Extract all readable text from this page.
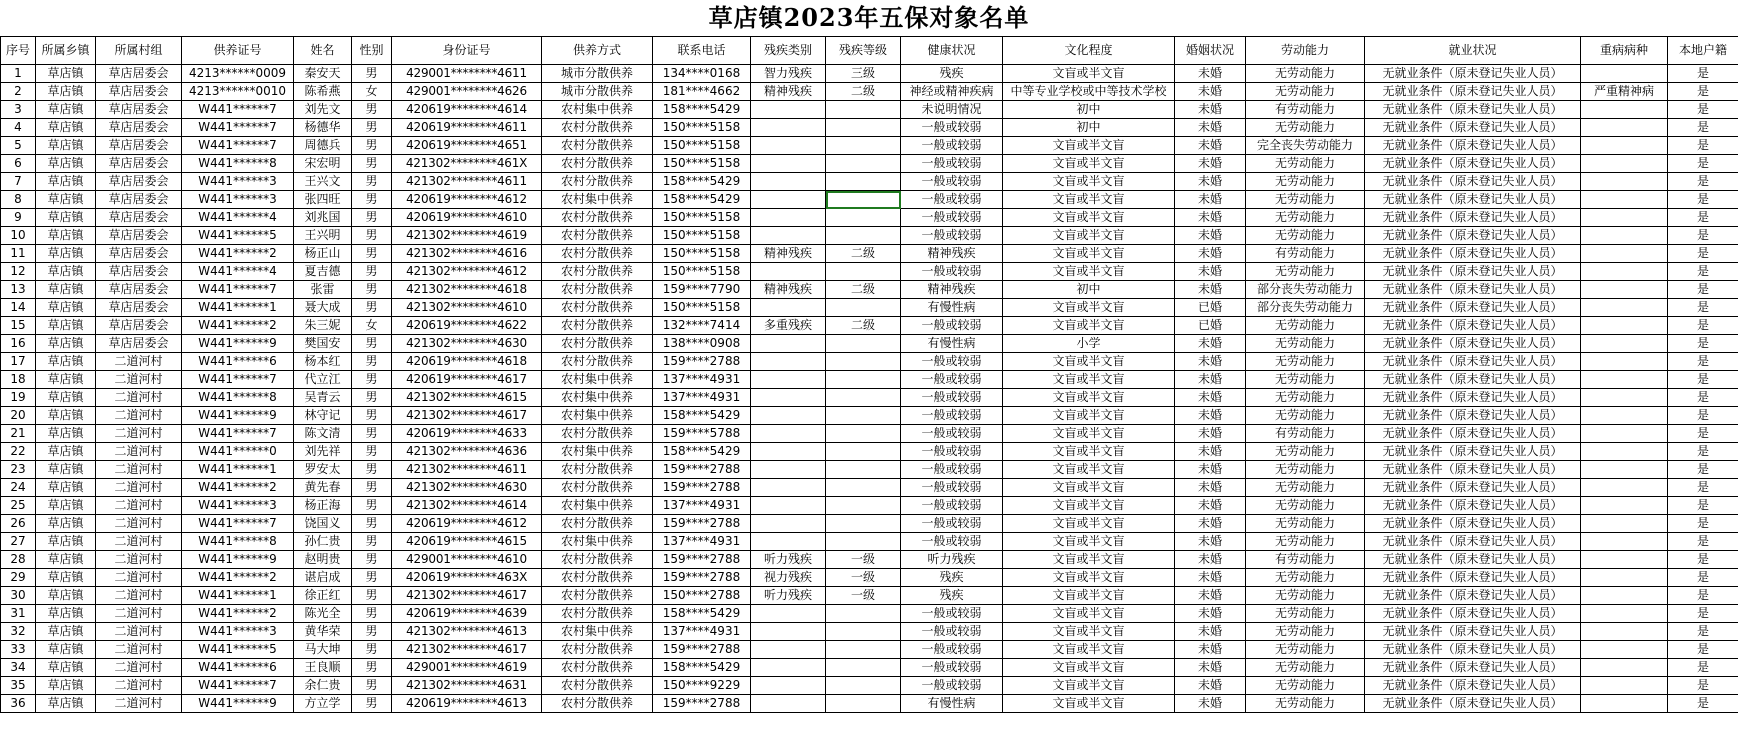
草店镇2023年五保对象名单
序号	所属乡镇	所属村组	供养证号	姓名	性别	身份证号	供养方式	联系电话	残疾类别	残疾等级	健康状况	文化程度	婚姻状况	劳动能力	就业状况	重病病种	本地户籍
1	草店镇	草店居委会	4213******0009	秦安天	男	429001********4611	城市分散供养	134****0168	智力残疾	三级	残疾	文盲或半文盲	未婚	无劳动能力	无就业条件（原未登记失业人员）		是
2	草店镇	草店居委会	4213******0010	陈希燕	女	429001********4626	城市分散供养	181****4662	精神残疾	二级	神经或精神疾病	中等专业学校或中等技术学校	未婚	无劳动能力	无就业条件（原未登记失业人员）	严重精神病	是
3	草店镇	草店居委会	W441******7	刘先文	男	420619********4614	农村集中供养	158****5429			未说明情况	初中	未婚	有劳动能力	无就业条件（原未登记失业人员）		是
4	草店镇	草店居委会	W441******7	杨德华	男	420619********4611	农村分散供养	150****5158			一般或较弱	初中	未婚	无劳动能力	无就业条件（原未登记失业人员）		是
5	草店镇	草店居委会	W441******7	周德兵	男	420619********4651	农村分散供养	150****5158			一般或较弱	文盲或半文盲	未婚	完全丧失劳动能力	无就业条件（原未登记失业人员）		是
6	草店镇	草店居委会	W441******8	宋宏明	男	421302********461X	农村分散供养	150****5158			一般或较弱	文盲或半文盲	未婚	无劳动能力	无就业条件（原未登记失业人员）		是
7	草店镇	草店居委会	W441******3	王兴文	男	421302********4611	农村分散供养	158****5429			一般或较弱	文盲或半文盲	未婚	无劳动能力	无就业条件（原未登记失业人员）		是
8	草店镇	草店居委会	W441******3	张四旺	男	420619********4612	农村集中供养	158****5429			一般或较弱	文盲或半文盲	未婚	无劳动能力	无就业条件（原未登记失业人员）		是
9	草店镇	草店居委会	W441******4	刘兆国	男	420619********4610	农村分散供养	150****5158			一般或较弱	文盲或半文盲	未婚	无劳动能力	无就业条件（原未登记失业人员）		是
10	草店镇	草店居委会	W441******5	王兴明	男	421302********4619	农村分散供养	150****5158			一般或较弱	文盲或半文盲	未婚	无劳动能力	无就业条件（原未登记失业人员）		是
11	草店镇	草店居委会	W441******2	杨正山	男	421302********4616	农村分散供养	150****5158	精神残疾	二级	精神残疾	文盲或半文盲	未婚	有劳动能力	无就业条件（原未登记失业人员）		是
12	草店镇	草店居委会	W441******4	夏吉德	男	421302********4612	农村分散供养	150****5158			一般或较弱	文盲或半文盲	未婚	无劳动能力	无就业条件（原未登记失业人员）		是
13	草店镇	草店居委会	W441******7	张雷	男	421302********4618	农村分散供养	159****7790	精神残疾	二级	精神残疾	初中	未婚	部分丧失劳动能力	无就业条件（原未登记失业人员）		是
14	草店镇	草店居委会	W441******1	聂大成	男	421302********4610	农村分散供养	150****5158			有慢性病	文盲或半文盲	已婚	部分丧失劳动能力	无就业条件（原未登记失业人员）		是
15	草店镇	草店居委会	W441******2	朱三妮	女	420619********4622	农村分散供养	132****7414	多重残疾	二级	一般或较弱	文盲或半文盲	已婚	无劳动能力	无就业条件（原未登记失业人员）		是
16	草店镇	草店居委会	W441******9	樊国安	男	421302********4630	农村分散供养	138****0908			有慢性病	小学	未婚	无劳动能力	无就业条件（原未登记失业人员）		是
17	草店镇	二道河村	W441******6	杨本红	男	420619********4618	农村分散供养	159****2788			一般或较弱	文盲或半文盲	未婚	无劳动能力	无就业条件（原未登记失业人员）		是
18	草店镇	二道河村	W441******7	代立江	男	420619********4617	农村集中供养	137****4931			一般或较弱	文盲或半文盲	未婚	无劳动能力	无就业条件（原未登记失业人员）		是
19	草店镇	二道河村	W441******8	吴青云	男	421302********4615	农村集中供养	137****4931			一般或较弱	文盲或半文盲	未婚	无劳动能力	无就业条件（原未登记失业人员）		是
20	草店镇	二道河村	W441******9	林守记	男	421302********4617	农村集中供养	158****5429			一般或较弱	文盲或半文盲	未婚	无劳动能力	无就业条件（原未登记失业人员）		是
21	草店镇	二道河村	W441******7	陈文清	男	420619********4633	农村分散供养	159****5788			一般或较弱	文盲或半文盲	未婚	有劳动能力	无就业条件（原未登记失业人员）		是
22	草店镇	二道河村	W441******0	刘先祥	男	421302********4636	农村集中供养	158****5429			一般或较弱	文盲或半文盲	未婚	无劳动能力	无就业条件（原未登记失业人员）		是
23	草店镇	二道河村	W441******1	罗安太	男	421302********4611	农村分散供养	159****2788			一般或较弱	文盲或半文盲	未婚	无劳动能力	无就业条件（原未登记失业人员）		是
24	草店镇	二道河村	W441******2	黄先春	男	421302********4630	农村分散供养	159****2788			一般或较弱	文盲或半文盲	未婚	无劳动能力	无就业条件（原未登记失业人员）		是
25	草店镇	二道河村	W441******3	杨正海	男	421302********4614	农村集中供养	137****4931			一般或较弱	文盲或半文盲	未婚	无劳动能力	无就业条件（原未登记失业人员）		是
26	草店镇	二道河村	W441******7	饶国义	男	420619********4612	农村分散供养	159****2788			一般或较弱	文盲或半文盲	未婚	无劳动能力	无就业条件（原未登记失业人员）		是
27	草店镇	二道河村	W441******8	孙仁贵	男	420619********4615	农村集中供养	137****4931			一般或较弱	文盲或半文盲	未婚	无劳动能力	无就业条件（原未登记失业人员）		是
28	草店镇	二道河村	W441******9	赵明贵	男	429001********4610	农村分散供养	159****2788	听力残疾	一级	听力残疾	文盲或半文盲	未婚	有劳动能力	无就业条件（原未登记失业人员）		是
29	草店镇	二道河村	W441******2	谌启成	男	420619********463X	农村分散供养	159****2788	视力残疾	一级	残疾	文盲或半文盲	未婚	无劳动能力	无就业条件（原未登记失业人员）		是
30	草店镇	二道河村	W441******1	徐正红	男	421302********4617	农村分散供养	150****2788	听力残疾	一级	残疾	文盲或半文盲	未婚	无劳动能力	无就业条件（原未登记失业人员）		是
31	草店镇	二道河村	W441******2	陈光全	男	420619********4639	农村分散供养	158****5429			一般或较弱	文盲或半文盲	未婚	无劳动能力	无就业条件（原未登记失业人员）		是
32	草店镇	二道河村	W441******3	黄华荣	男	421302********4613	农村集中供养	137****4931			一般或较弱	文盲或半文盲	未婚	无劳动能力	无就业条件（原未登记失业人员）		是
33	草店镇	二道河村	W441******5	马大坤	男	421302********4617	农村分散供养	159****2788			一般或较弱	文盲或半文盲	未婚	无劳动能力	无就业条件（原未登记失业人员）		是
34	草店镇	二道河村	W441******6	王良顺	男	429001********4619	农村分散供养	158****5429			一般或较弱	文盲或半文盲	未婚	无劳动能力	无就业条件（原未登记失业人员）		是
35	草店镇	二道河村	W441******7	余仁贵	男	421302********4631	农村分散供养	150****9229			一般或较弱	文盲或半文盲	未婚	无劳动能力	无就业条件（原未登记失业人员）		是
36	草店镇	二道河村	W441******9	方立学	男	420619********4613	农村分散供养	159****2788			有慢性病	文盲或半文盲	未婚	无劳动能力	无就业条件（原未登记失业人员）		是
